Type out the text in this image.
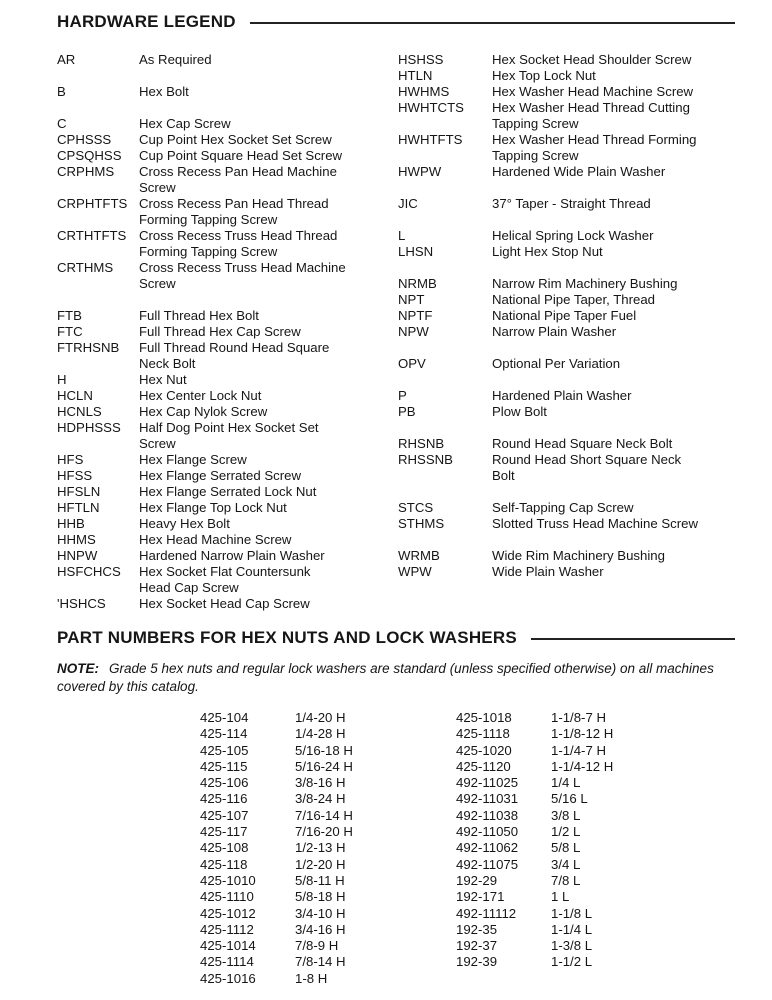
HARDWARE LEGEND
AR	As Required
B	Hex Bolt
C	Hex Cap Screw
CPHSSS	Cup Point Hex Socket Set Screw
CPSQHSS	Cup Point Square Head Set Screw
CRPHMS	Cross Recess Pan Head Machine
Screw
CRPHTFTS Cross Recess Pan Head Thread
Forming Tapping Screw
CRTHTFTS Cross Recess Truss Head Thread
Forming Tapping Screw
CRTHMS	Cross Recess Truss Head Machine
Screw
FTB	Full Thread Hex Bolt
FTC	Full Thread Hex Cap Screw
FTRHSNB	Full Thread Round Head Square
Neck Bolt
H	Hex Nut
HCLN	Hex Center Lock Nut
HCNLS	Hex Cap Nylok Screw
HDPHSSS	Half Dog Point Hex Socket Set
Screw
HFS	Hex Flange Screw
HFSS	Hex Flange Serrated Screw
HFSLN	Hex Flange Serrated Lock Nut
HFTLN	Hex Flange Top Lock Nut
HHB	Heavy Hex Bolt
HHMS	Hex Head Machine Screw
HNPW	Hardened Narrow Plain Washer
HSFCHCS	Hex Socket Flat Countersunk
Head Cap Screw
'HSHCS	Hex Socket Head Cap Screw
HSHSS	Hex Socket Head Shoulder Screw
HTLN	Hex Top Lock Nut
HWHMS	Hex Washer Head Machine Screw
HWHTCTS	Hex Washer Head Thread Cutting
Tapping Screw
HWHTFTS	Hex Washer Head Thread Forming
Tapping Screw
HWPW	Hardened Wide Plain Washer
JIC	37° Taper - Straight Thread
L	Helical Spring Lock Washer
LHSN	Light Hex Stop Nut
NRMB	Narrow Rim Machinery Bushing
NPT	National Pipe Taper, Thread
NPTF	National Pipe Taper Fuel
NPW	Narrow Plain Washer
OPV	Optional Per Variation
P	Hardened Plain Washer
PB	Plow Bolt
RHSNB	Round Head Square Neck Bolt
RHSSNB	Round Head Short Square Neck
Bolt
STCS	Self-Tapping Cap Screw
STHMS	Slotted Truss Head Machine Screw
WRMB	Wide Rim Machinery Bushing
WPW	Wide Plain Washer
PART NUMBERS FOR HEX NUTS AND LOCK WASHERS

NOTE: Grade 5 hex nuts and regular lock washers are standard (unless specified otherwise) on all machines covered by this catalog.

425-104	1/4-20 H
425-114	1/4-28 H
425-105	5/16-18 H
425-115	5/16-24 H
425-106	3/8-16 H
425-116	3/8-24 H
425-107	7/16-14 H
425-117	7/16-20 H
425-108	1/2-13 H
425-118	1/2-20 H
425-1010	5/8-11 H
425-1110	5/8-18 H
425-1012	3/4-10 H
425-1112	3/4-16 H
425-1014	7/8-9 H
425-1114	7/8-14 H
425-1016	1-8 H
425-1018	1-1/8-7 H
425-1118	1-1/8-12 H
425-1020	1-1/4-7 H
425-1120	1-1/4-12 H
492-11025	1/4 L
492-11031	5/16 L
492-11038	3/8 L
492-11050	1/2 L
492-11062	5/8 L
492-11075	3/4 L
192-29	7/8 L
192-171	1 L
492-11112	1-1/8 L
192-35	1-1/4 L
192-37	1-3/8 L
192-39	1-1/2 L
